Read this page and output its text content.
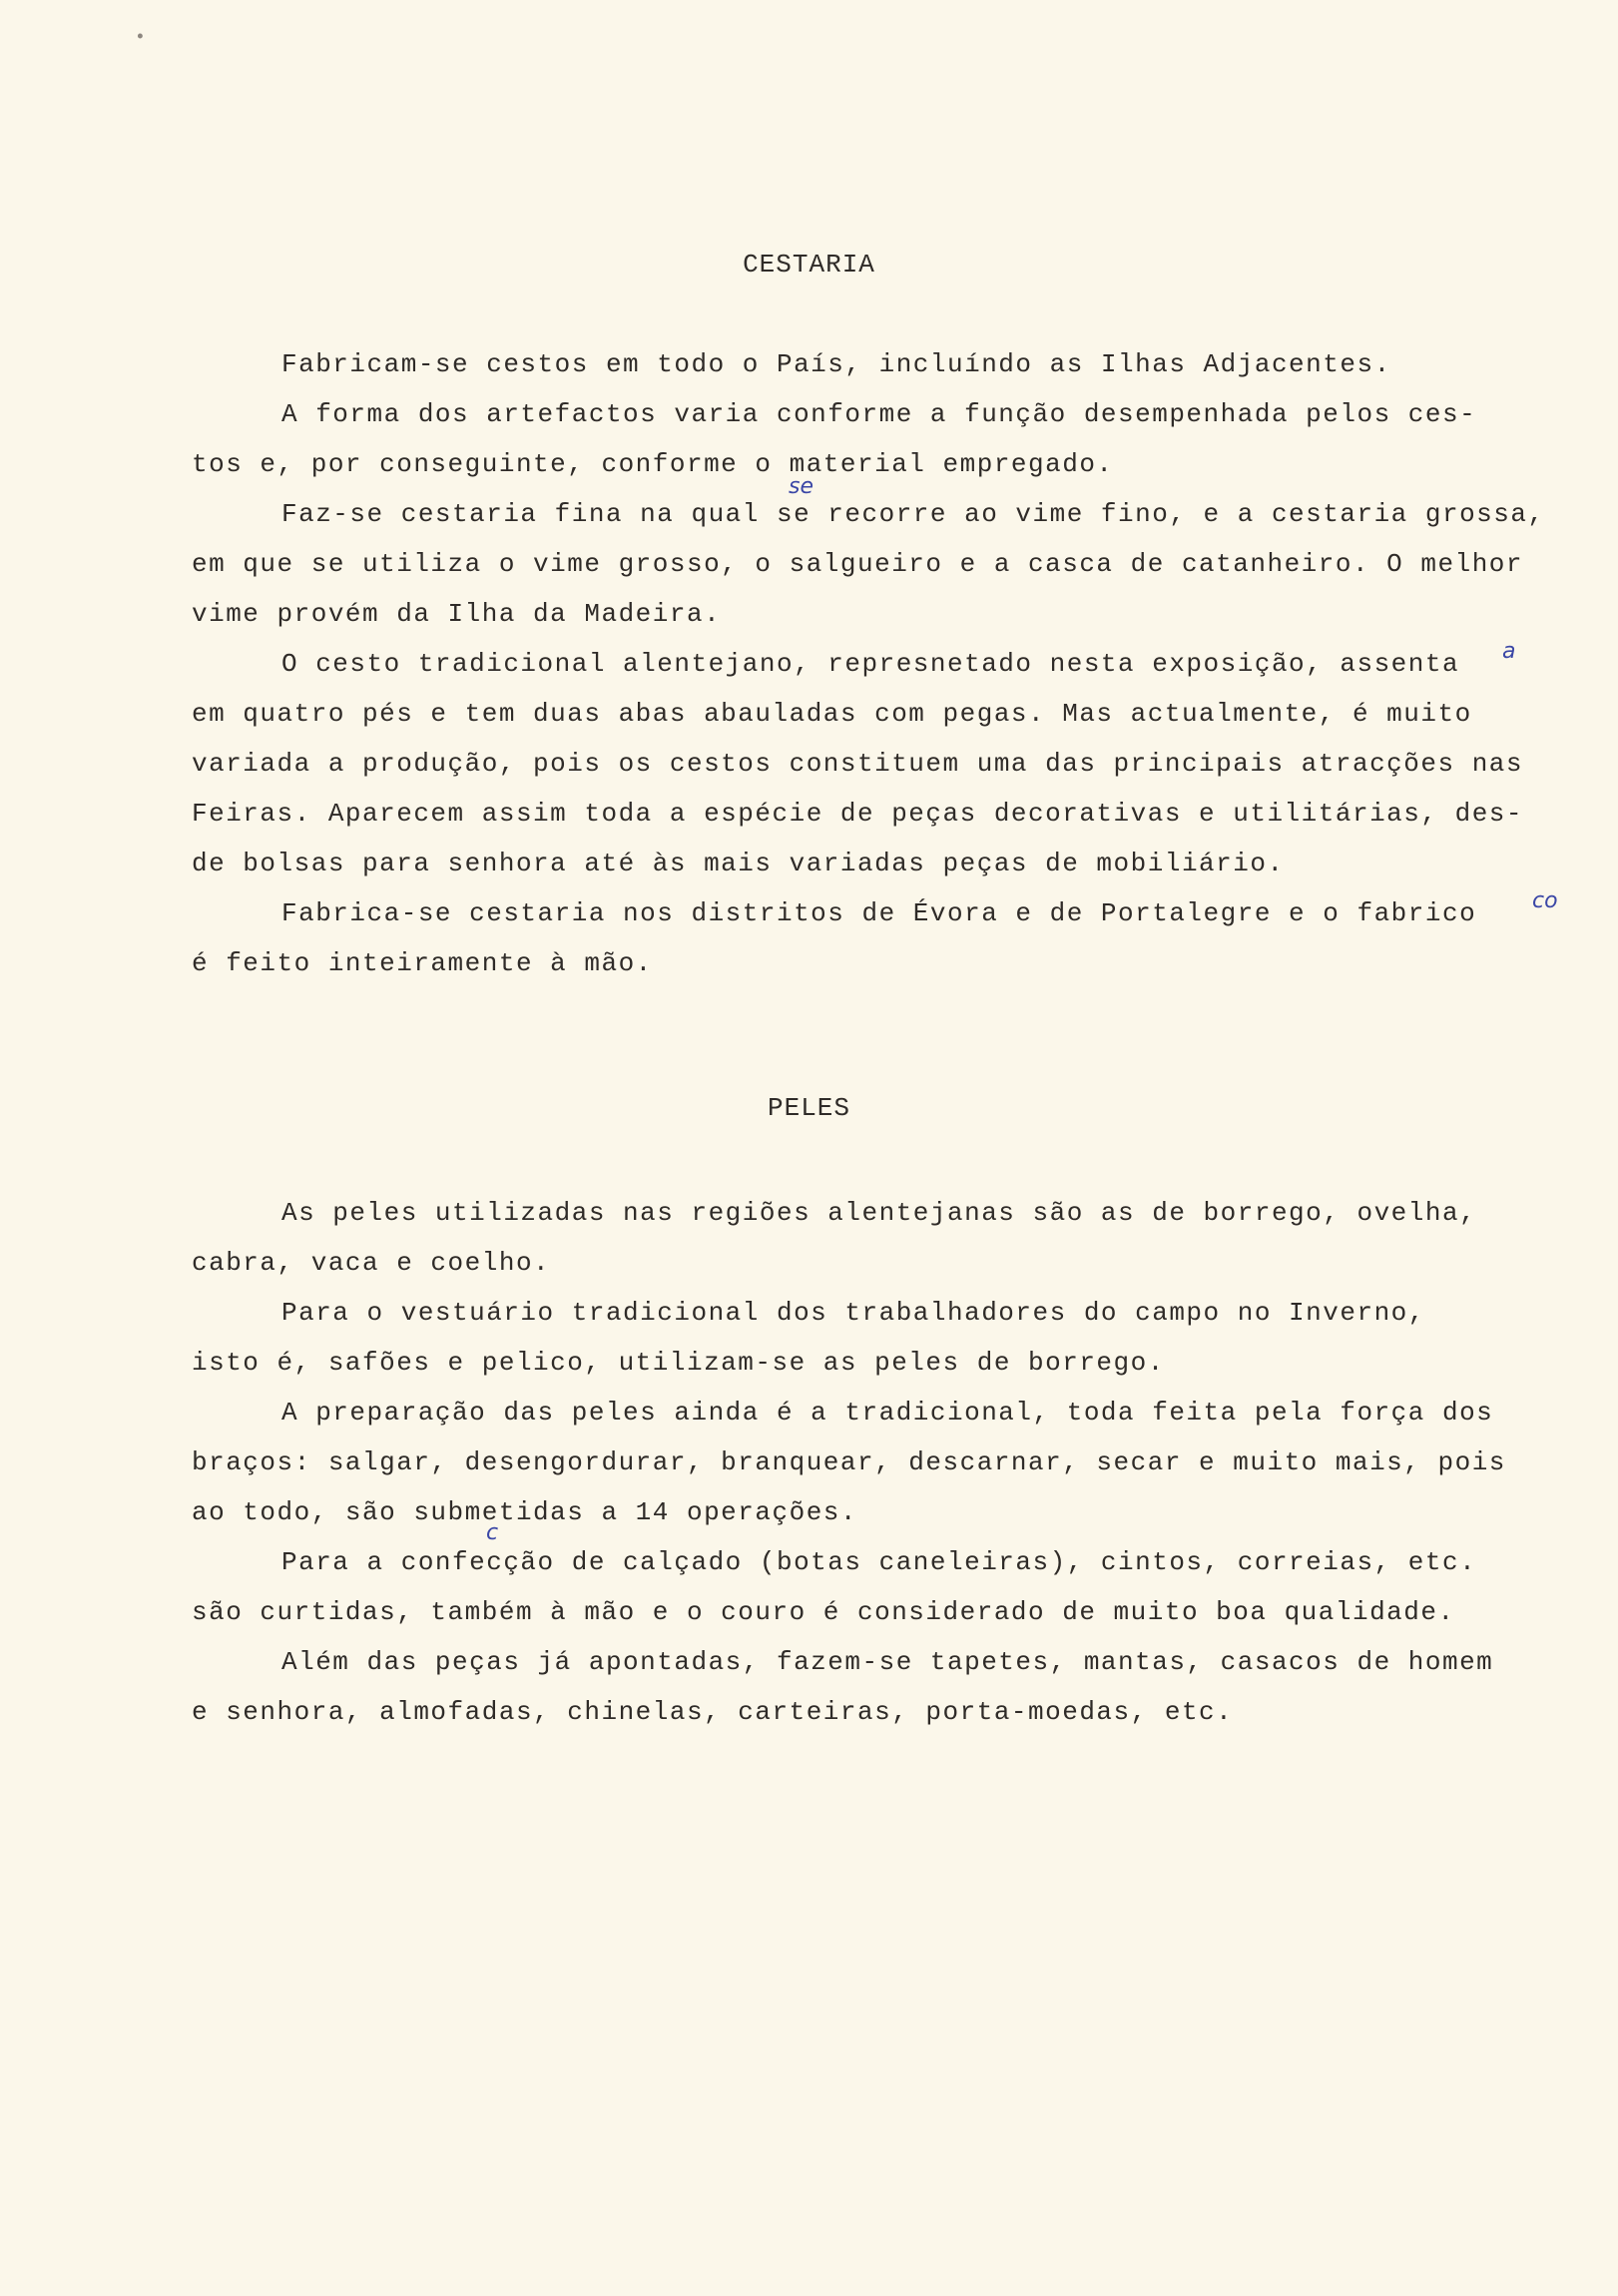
•
CESTARIA
Fabricam-se cestos em todo o País, incluíndo as Ilhas Adjacentes.
A forma dos artefactos varia conforme a função desempenhada pelos ces-
tos e, por conseguinte, conforme o material empregado.
Faz-se cestaria fina na qual se recorre ao vime fino, e a cestaria grossa,
em que se utiliza o vime grosso, o salgueiro e a casca de catanheiro. O melhor
vime provém da Ilha da Madeira.
O cesto tradicional alentejano, represnetado nesta exposição, assenta
em quatro pés e tem duas abas abauladas com pegas. Mas actualmente, é muito
variada a produção, pois os cestos constituem uma das principais atracções nas
Feiras. Aparecem assim toda a espécie de peças decorativas e utilitárias, des-
de bolsas para senhora até às mais variadas peças de mobiliário.
Fabrica-se cestaria nos distritos de Évora e de Portalegre e o fabrico
é feito inteiramente à mão.
se
a
co
PELES
As peles utilizadas nas regiões alentejanas são as de borrego, ovelha,
cabra, vaca e coelho.
Para o vestuário tradicional dos trabalhadores do campo no Inverno,
isto é, safões e pelico, utilizam-se as peles de borrego.
A preparação das peles ainda é a tradicional, toda feita pela força dos
braços: salgar, desengordurar, branquear, descarnar, secar e muito mais, pois
ao todo, são submetidas a 14 operações.
Para a confecção de calçado (botas caneleiras), cintos, correias, etc.
são curtidas, também à mão e o couro é considerado de muito boa qualidade.
Além das peças já apontadas, fazem-se tapetes, mantas, casacos de homem
e senhora, almofadas, chinelas, carteiras, porta-moedas, etc.
c
